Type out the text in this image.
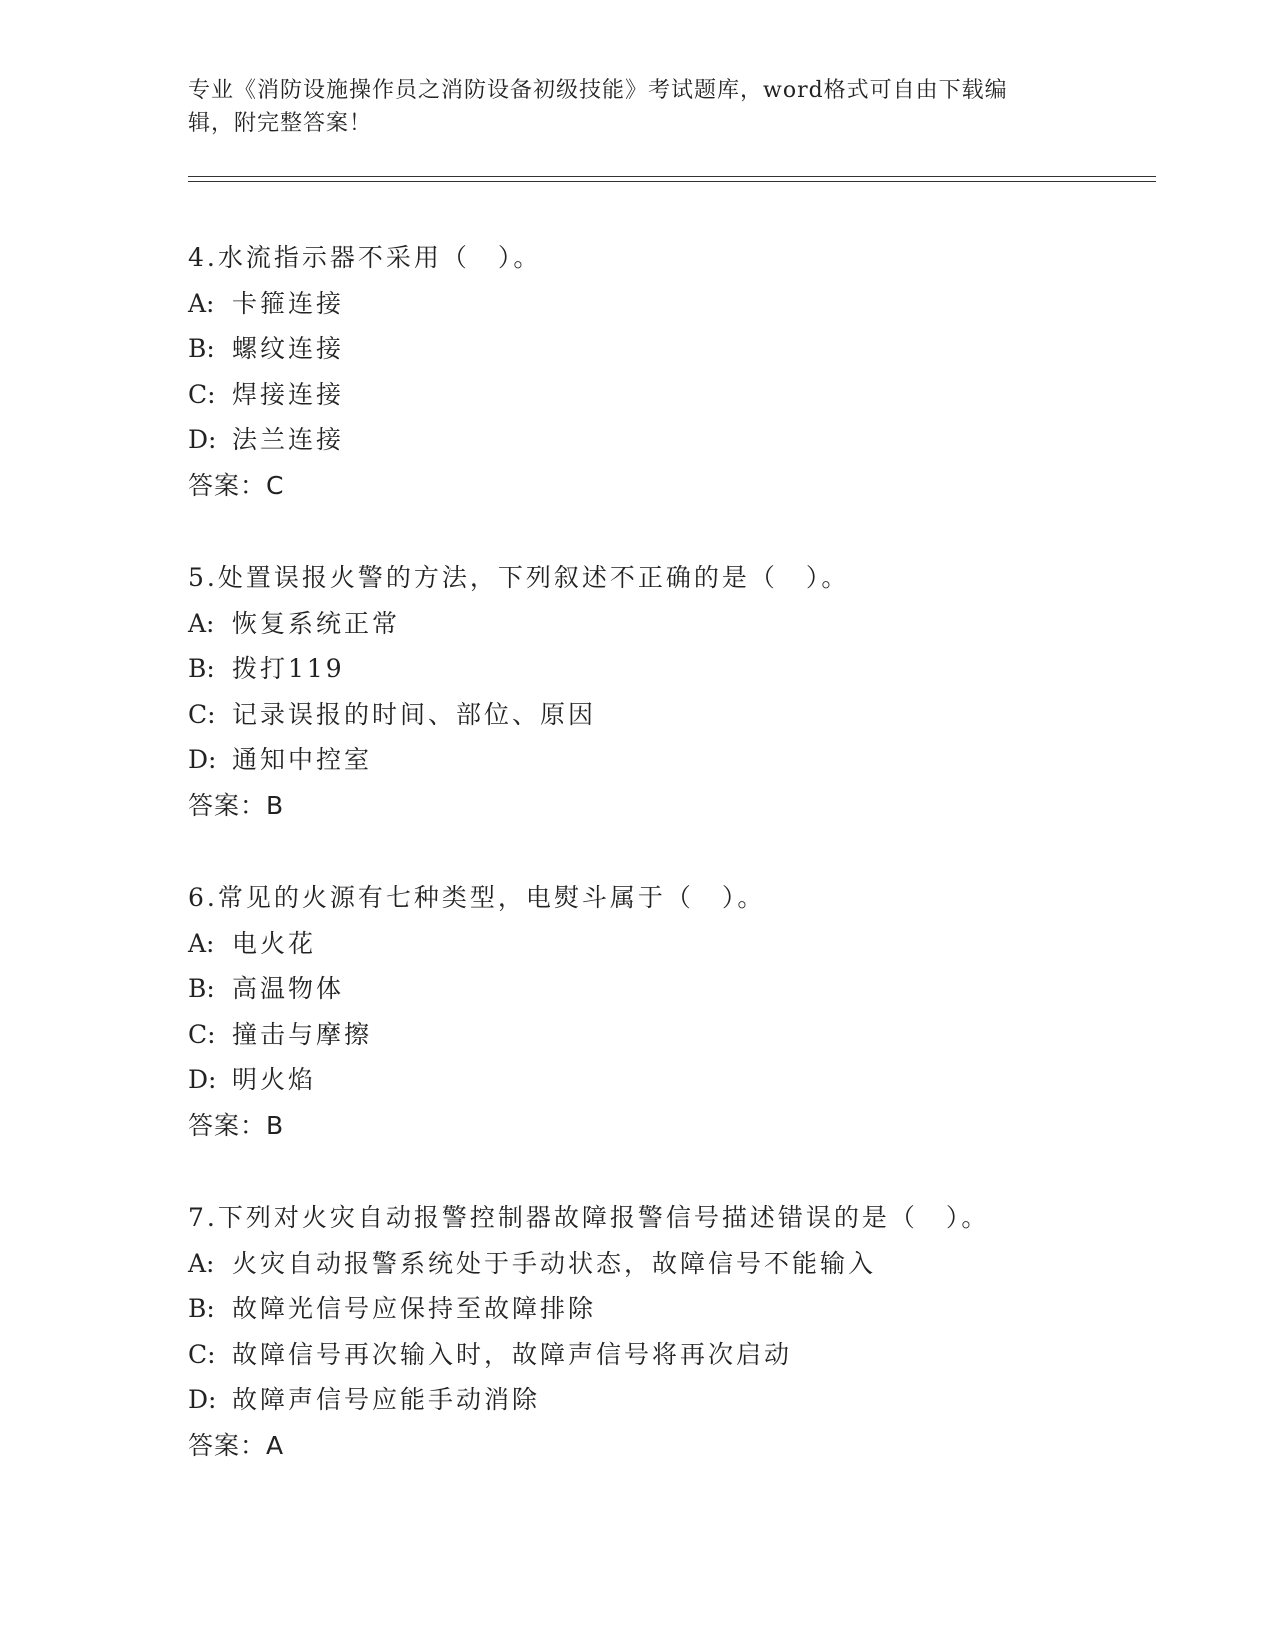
专业《消防设施操作员之消防设备初级技能》考试题库，word格式可自由下载编
辑，附完整答案！
4.水流指示器不采用（　）。
A: 卡箍连接
B: 螺纹连接
C: 焊接连接
D: 法兰连接
答案：C
5.处置误报火警的方法，下列叙述不正确的是（　）。
A: 恢复系统正常
B: 拨打119
C: 记录误报的时间、部位、原因
D: 通知中控室
答案：B
6.常见的火源有七种类型，电熨斗属于（　）。
A: 电火花
B: 高温物体
C: 撞击与摩擦
D: 明火焰
答案：B
7.下列对火灾自动报警控制器故障报警信号描述错误的是（　）。
A: 火灾自动报警系统处于手动状态，故障信号不能输入
B: 故障光信号应保持至故障排除
C: 故障信号再次输入时，故障声信号将再次启动
D: 故障声信号应能手动消除
答案：A
